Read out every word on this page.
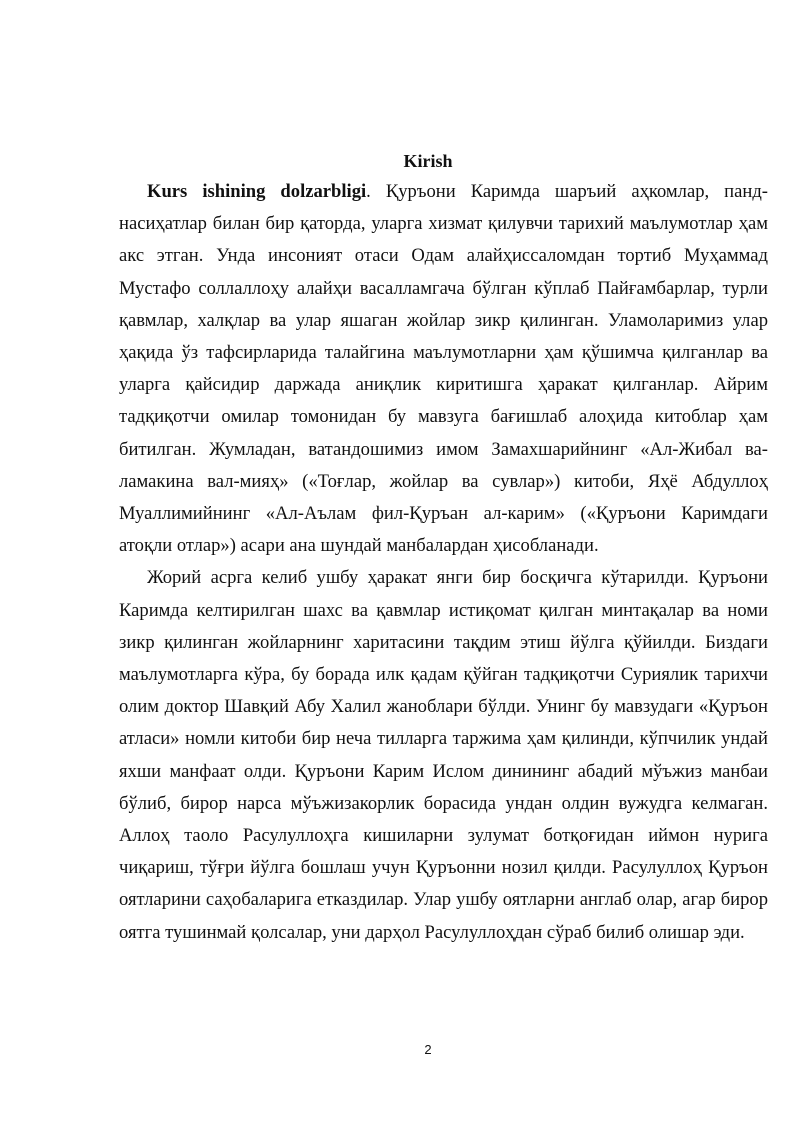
Kirish

Kurs ishining dolzarbligi. Қуръони Каримда шаръий аҳкомлар, панд-насиҳатлар билан бир қаторда, уларга хизмат қилувчи тарихий маълумотлар ҳам акс этган. Унда инсоният отаси Одам алайҳиссаломдан тортиб Муҳаммад Мустафо соллаллоҳу алайҳи васалламгача бўлган кўплаб Пайғамбарлар, турли қавмлар, халқлар ва улар яшаган жойлар зикр қилинган. Уламоларимиз улар ҳақида ўз тафсирларида талайгина маълумотларни ҳам қўшимча қилганлар ва уларга қайсидир даржада аниқлик киритишга ҳаракат қилганлар. Айрим тадқиқотчи омилар томонидан бу мавзуга бағишлаб алоҳида китоблар ҳам битилган. Жумладан, ватандошимиз имом Замахшарийнинг «Ал-Жибал ва-ламакина вал-мияҳ» («Тоғлар, жойлар ва сувлар») китоби, Яҳё Абдуллоҳ Муаллимийнинг «Ал-Аълам фил-Қуръан ал-карим» («Қуръони Каримдаги атоқли отлар») асари ана шундай манбалардан ҳисобланади.

Жорий асрга келиб ушбу ҳаракат янги бир босқичга кўтарилди. Қуръони Каримда келтирилган шахс ва қавмлар истиқомат қилган минтақалар ва номи зикр қилинган жойларнинг харитасини тақдим этиш йўлга қўйилди. Биздаги маълумотларга кўра, бу борада илк қадам қўйган тадқиқотчи Суриялик тарихчи олим доктор Шавқий Абу Халил жаноблари бўлди. Унинг бу мавзудаги «Қуръон атласи» номли китоби бир неча тилларга таржима ҳам қилинди, кўпчилик ундай яхши манфаат олди. Қуръони Карим Ислом динининг абадий мўъжиз манбаи бўлиб, бирор нарса мўъжизакорлик борасида ундан олдин вужудга келмаган. Аллоҳ таоло Расулуллоҳга кишиларни зулумат ботқоғидан иймон нурига чиқариш, тўғри йўлга бошлаш учун Қуръонни нозил қилди. Расулуллоҳ Қуръон оятларини саҳобаларига етказдилар. Улар ушбу оятларни англаб олар, агар бирор оятга тушинмай қолсалар, уни дарҳол Расулуллоҳдан сўраб билиб олишар эди.

2
